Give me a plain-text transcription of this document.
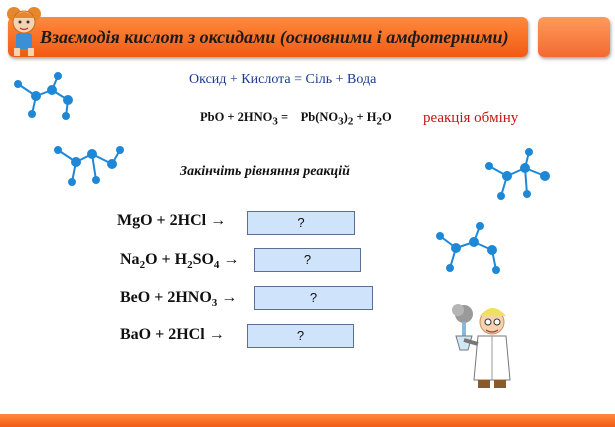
Взаємодія кислот з оксидами (основними і амфотерними)
Оксид + Кислота = Сіль + Вода
PbO + $2HNO_3 = Pb(NO_3)_2 + H_2O$ реакція обміну
Закінчіть рівняння реакцій
MgO + 2HCl →	?
$Na_2O + H_2SO_4$ →	?
BeO + $2HNO_3$ →	?
BaO + 2HCl →	?
